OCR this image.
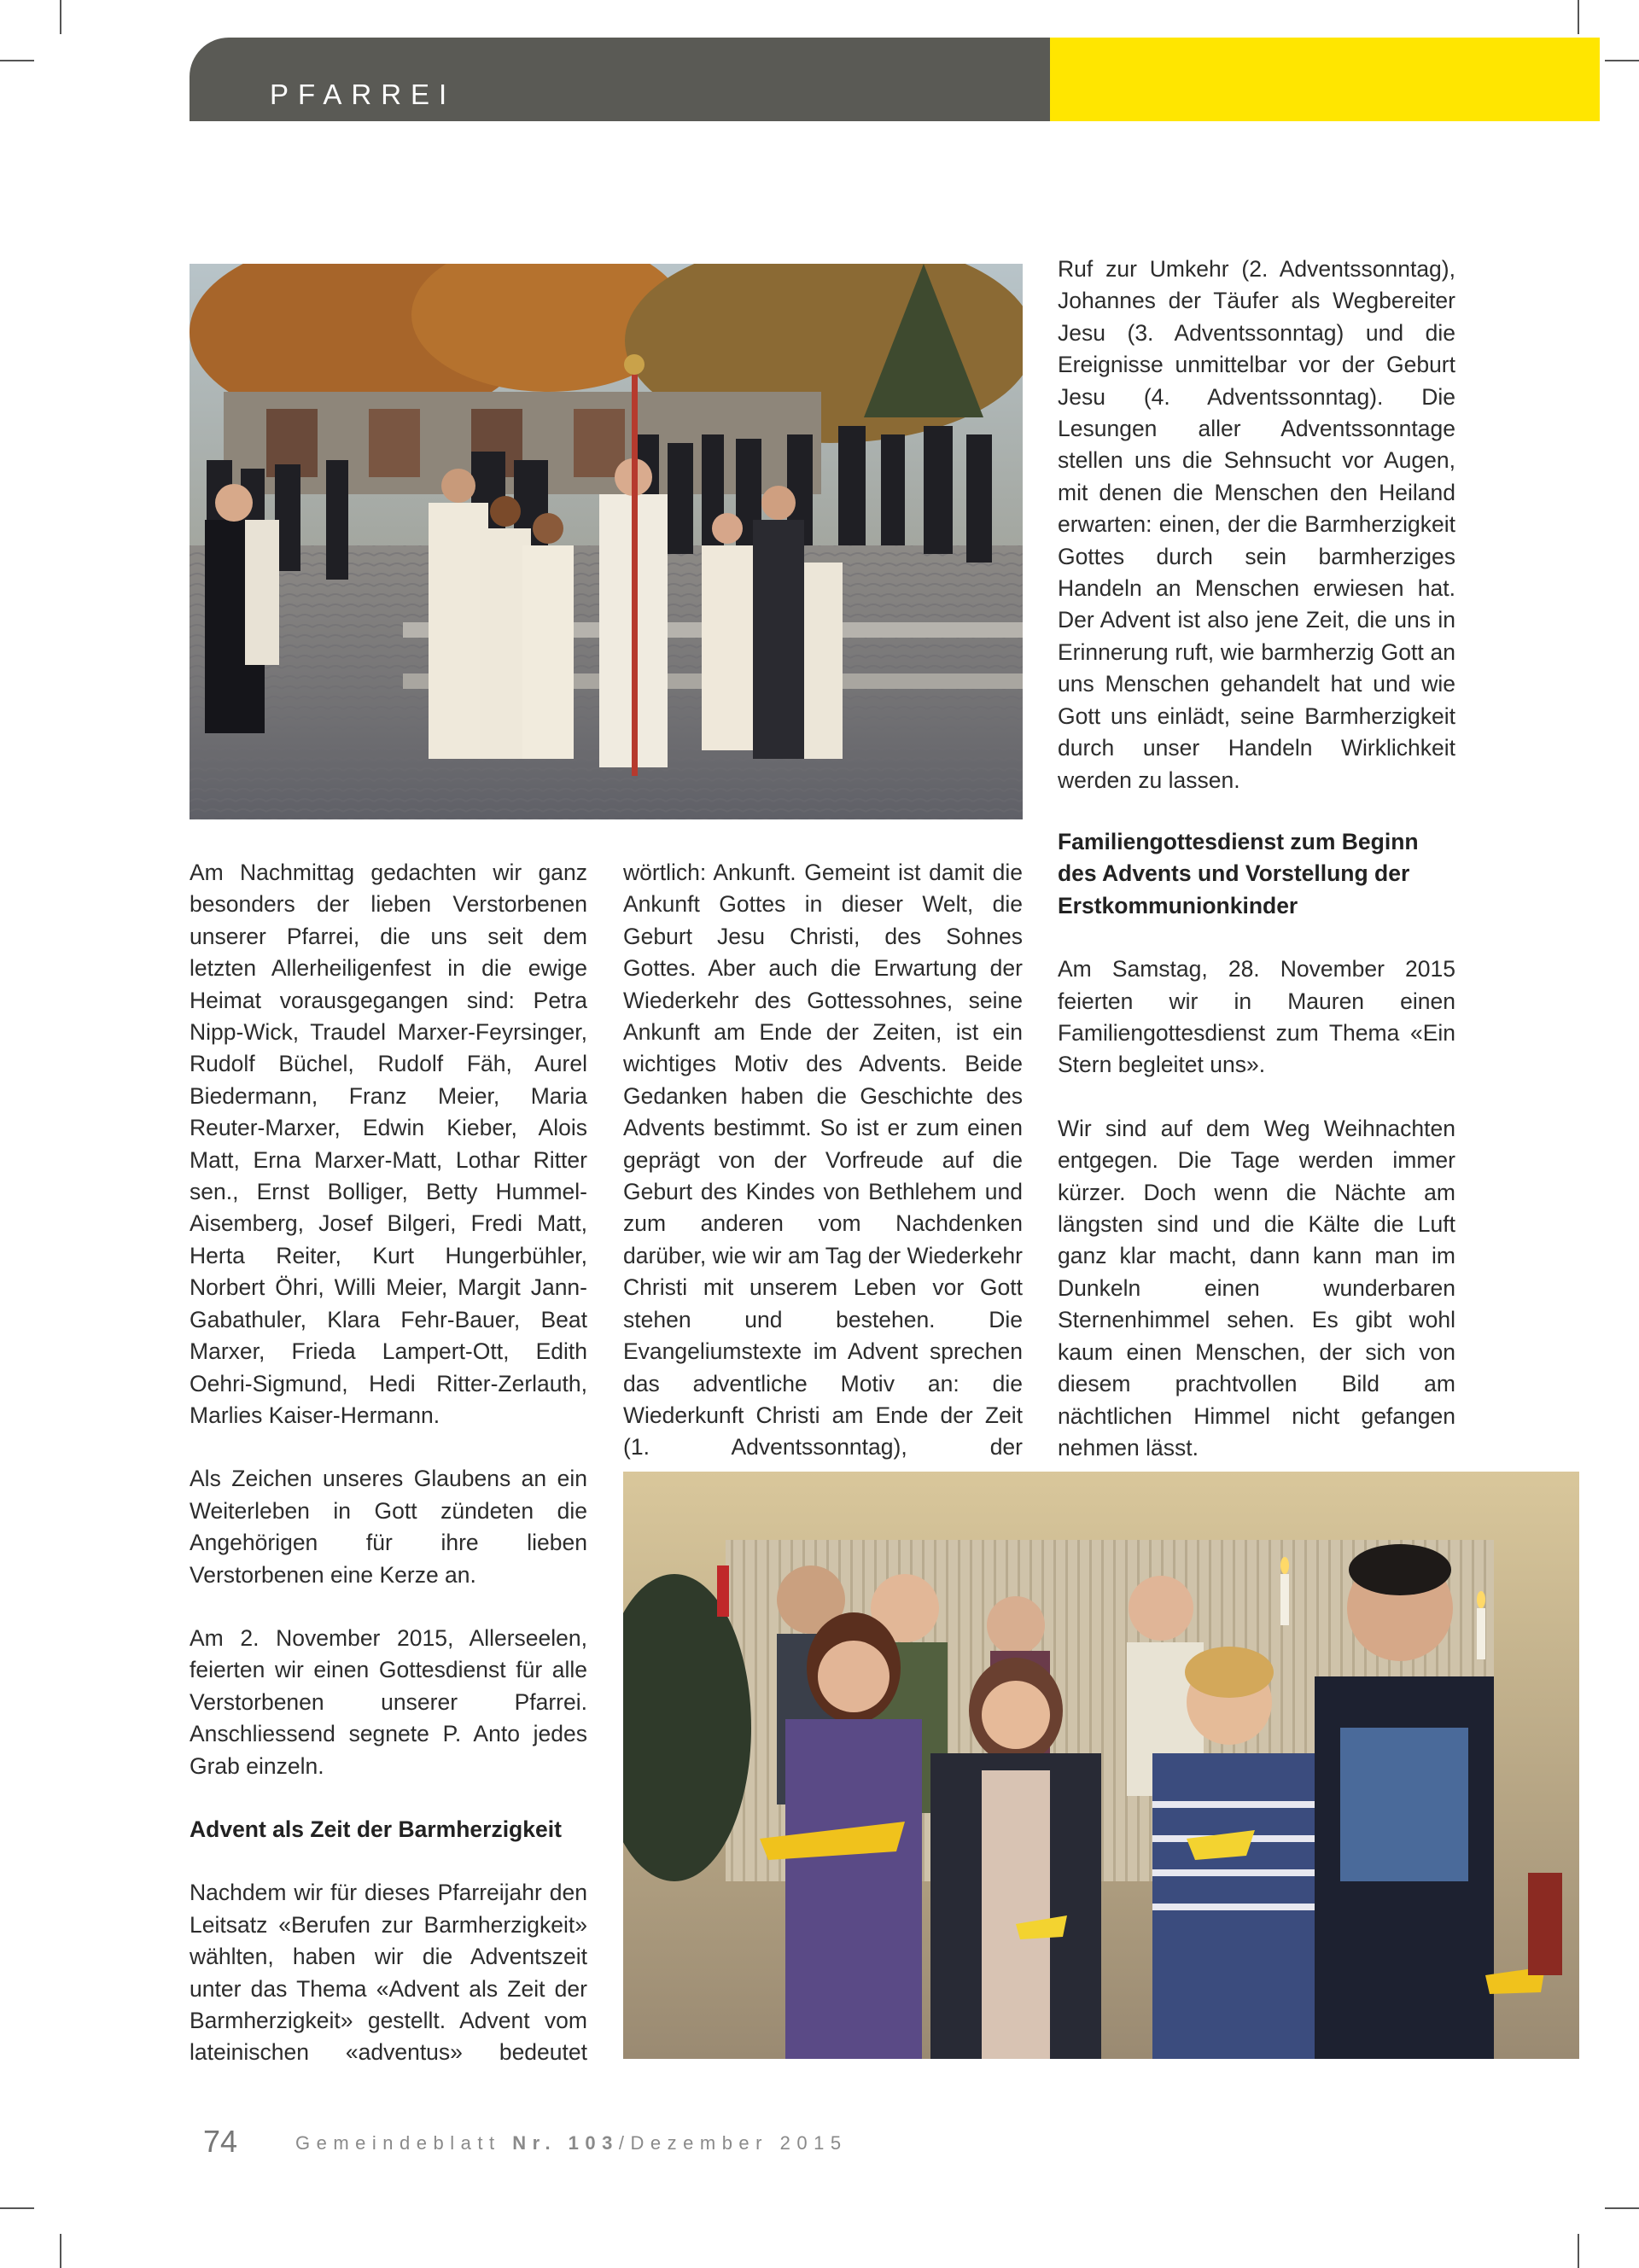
PFARREI

Ruf zur Umkehr (2. Adventssonntag), Johannes der Täufer als Wegbereiter Jesu (3. Adventssonntag) und die Ereignisse unmittelbar vor der Geburt Jesu (4. Adventssonntag). Die Lesungen aller Adventssonntage stellen uns die Sehnsucht vor Augen, mit denen die Menschen den Heiland erwarten: einen, der die Barmherzigkeit Gottes durch sein barmherziges Handeln an Menschen erwiesen hat. Der Advent ist also jene Zeit, die uns in Erinnerung ruft, wie barmherzig Gott an uns Menschen gehandelt hat und wie Gott uns einlädt, seine Barmherzigkeit durch unser Handeln Wirklichkeit werden zu lassen.

Am Nachmittag gedachten wir ganz besonders der lieben Verstorbenen unserer Pfarrei, die uns seit dem letzten Allerheiligenfest in die ewige Heimat vorausgegangen sind: Petra Nipp-Wick, Traudel Marxer-Feyrsinger, Rudolf Büchel, Rudolf Fäh, Aurel Biedermann, Franz Meier, Maria Reuter-Marxer, Edwin Kieber, Alois Matt, Erna Marxer-Matt, Lothar Ritter sen., Ernst Bolliger, Betty Hummel-Aisemberg, Josef Bilgeri, Fredi Matt, Herta Reiter, Kurt Hungerbühler, Norbert Öhri, Willi Meier, Margit Jann-Gabathuler, Klara Fehr-Bauer, Beat Marxer, Frieda Lampert-Ott, Edith Oehri-Sigmund, Hedi Ritter-Zerlauth, Marlies Kaiser-Hermann.

Als Zeichen unseres Glaubens an ein Weiterleben in Gott zündeten die Angehörigen für ihre lieben Verstorbenen eine Kerze an.

Am 2. November 2015, Allerseelen, feierten wir einen Gottesdienst für alle Verstorbenen unserer Pfarrei. Anschliessend segnete P. Anto jedes Grab einzeln.

Advent als Zeit der Barmherzigkeit

Nachdem wir für dieses Pfarreijahr den Leitsatz «Berufen zur Barmherzigkeit» wählten, haben wir die Adventszeit unter das Thema «Advent als Zeit der Barmherzigkeit» gestellt. Advent vom lateinischen «adventus» bedeutet

wörtlich: Ankunft. Gemeint ist damit die Ankunft Gottes in dieser Welt, die Geburt Jesu Christi, des Sohnes Gottes. Aber auch die Erwartung der Wiederkehr des Gottessohnes, seine Ankunft am Ende der Zeiten, ist ein wichtiges Motiv des Advents. Beide Gedanken haben die Geschichte des Advents bestimmt. So ist er zum einen geprägt von der Vorfreude auf die Geburt des Kindes von Bethlehem und zum anderen vom Nachdenken darüber, wie wir am Tag der Wiederkehr Christi mit unserem Leben vor Gott stehen und bestehen. Die Evangeliumstexte im Advent sprechen das adventliche Motiv an: die Wiederkunft Christi am Ende der Zeit (1. Adventssonntag), der

Familiengottesdienst zum Beginn des Advents und Vorstellung der Erstkommunionkinder

Am Samstag, 28. November 2015 feierten wir in Mauren einen Familiengottesdienst zum Thema «Ein Stern begleitet uns».

Wir sind auf dem Weg Weihnachten entgegen. Die Tage werden immer kürzer. Doch wenn die Nächte am längsten sind und die Kälte die Luft ganz klar macht, dann kann man im Dunkeln einen wunderbaren Sternenhimmel sehen. Es gibt wohl kaum einen Menschen, der sich von diesem prachtvollen Bild am nächtlichen Himmel nicht gefangen nehmen lässt.

74	Gemeindeblatt Nr. 103/Dezember 2015
